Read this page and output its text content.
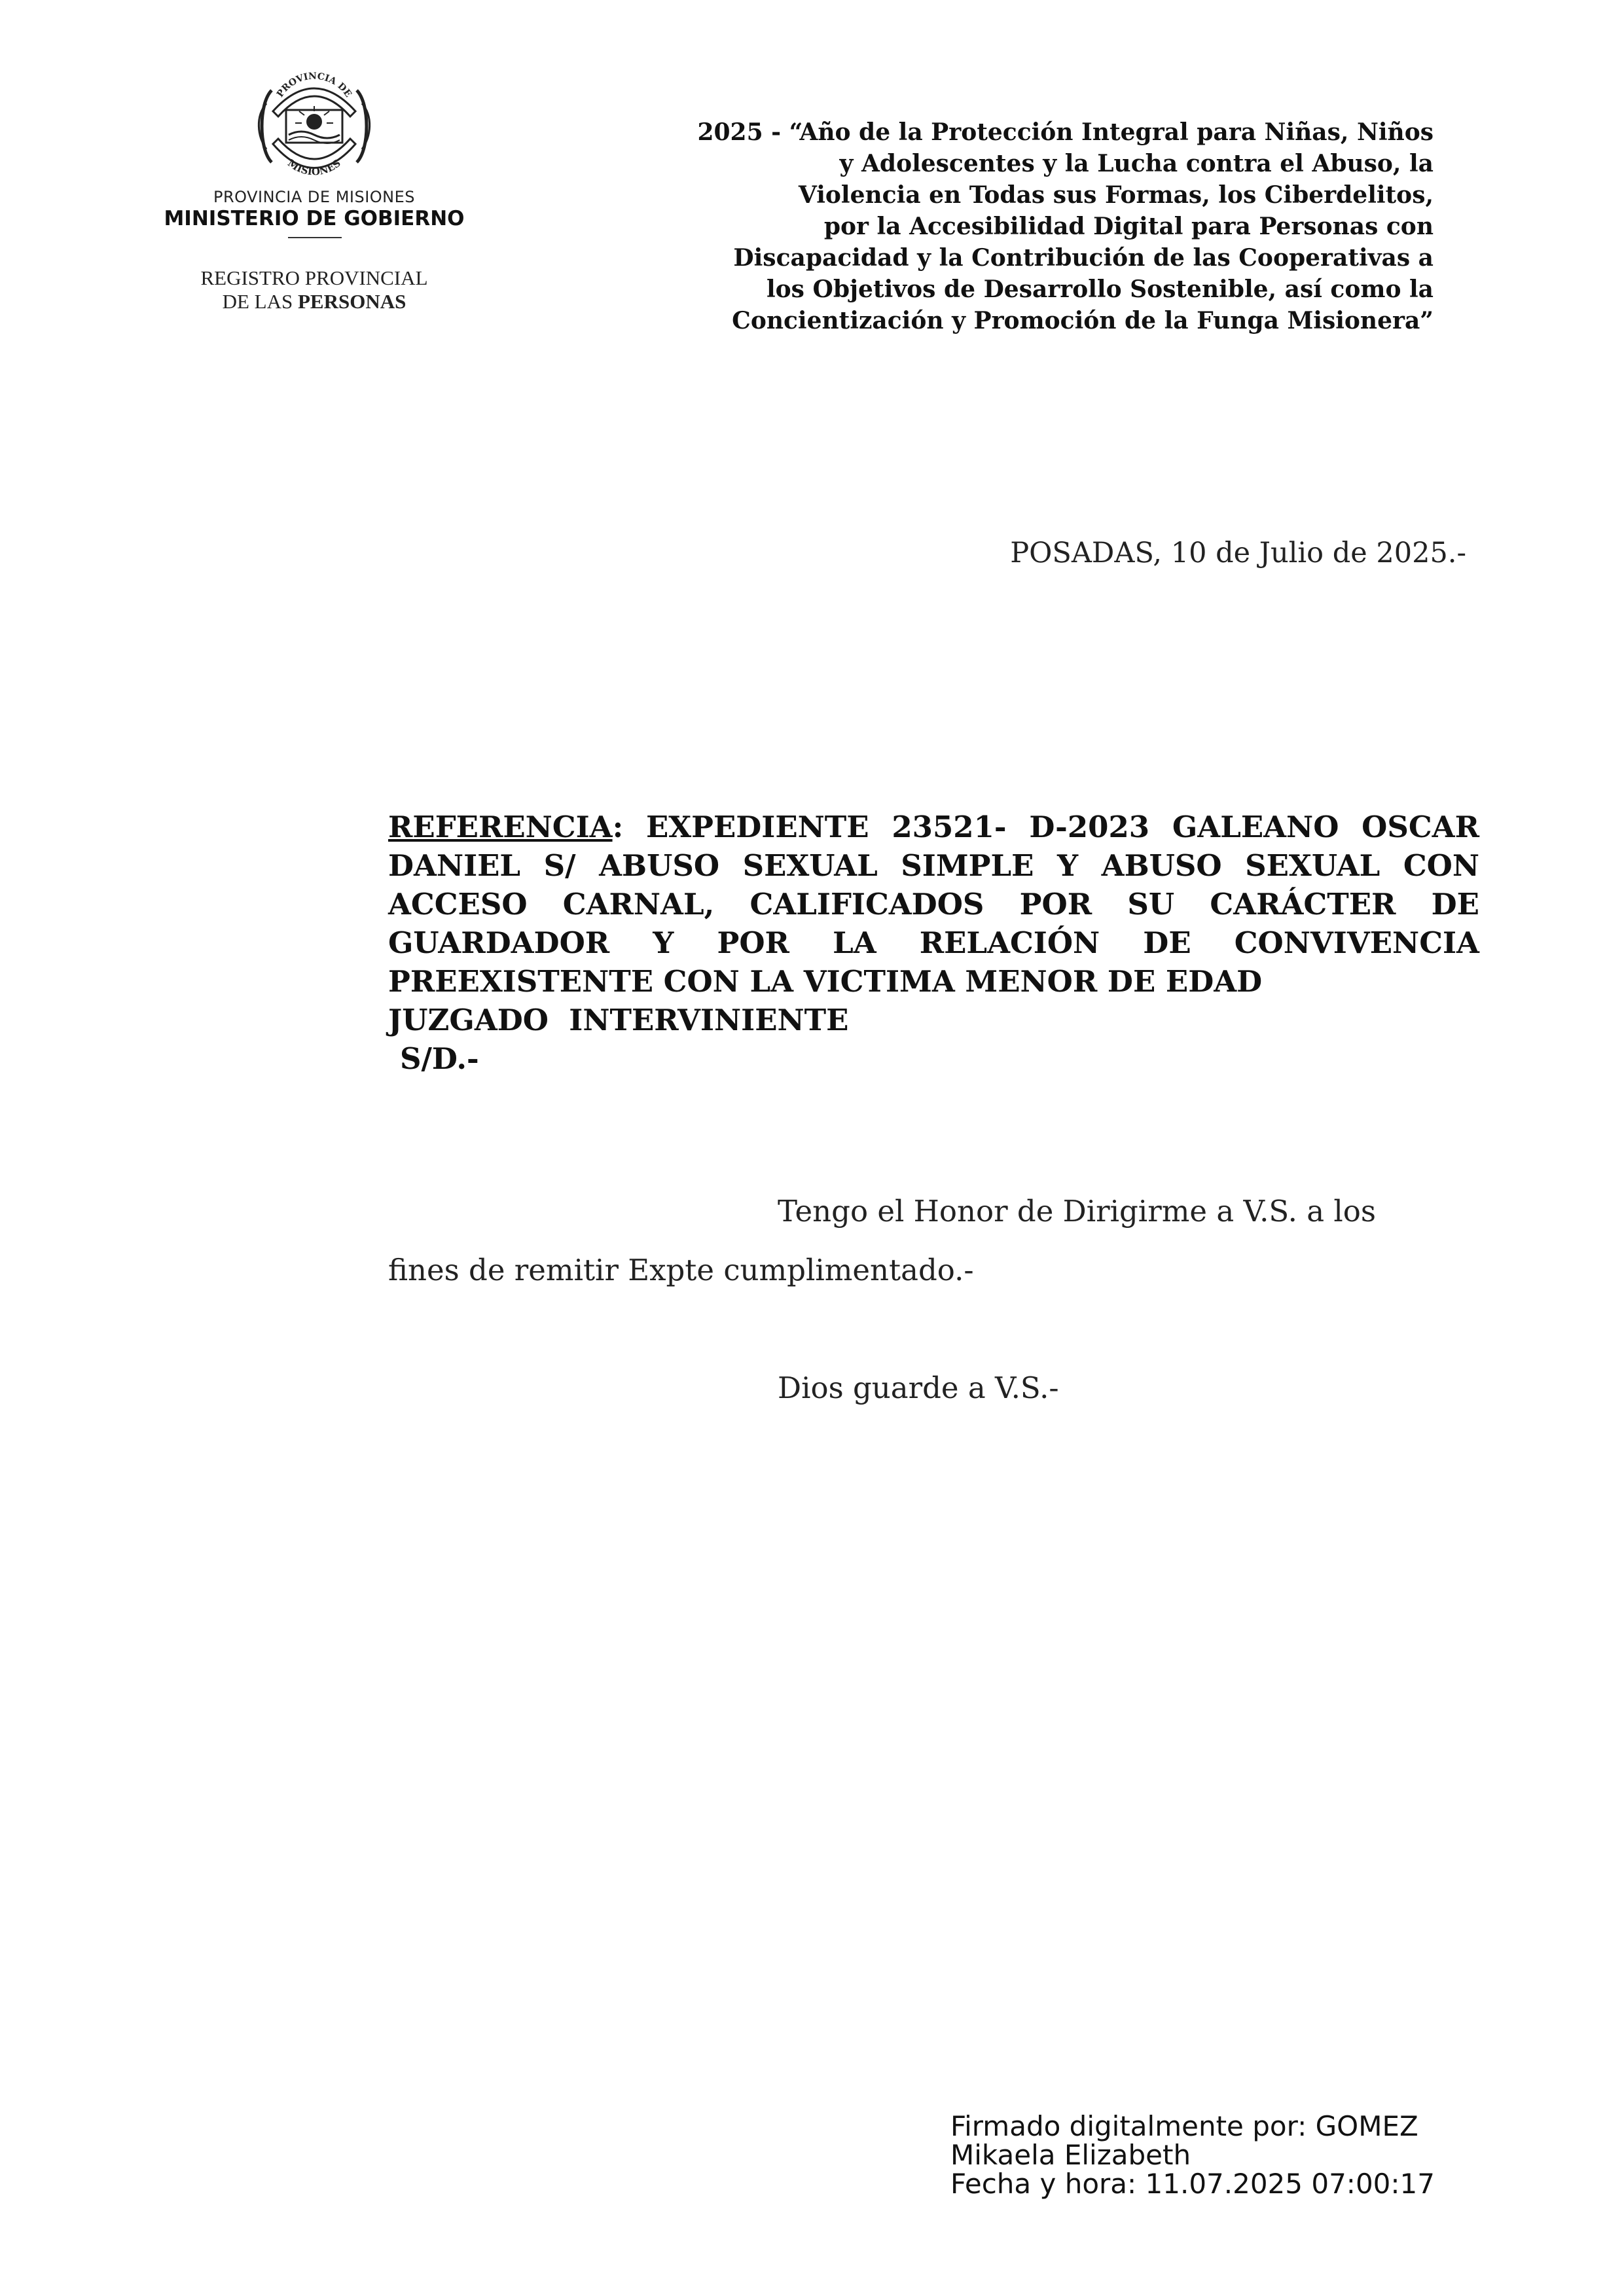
PROVINCIA DE
MISIONES
PROVINCIA DE MISIONES
MINISTERIO DE GOBIERNO
REGISTRO PROVINCIAL
DE LAS PERSONAS
2025 - “Año de la Protección Integral para Niñas, Niños
y Adolescentes y la Lucha contra el Abuso, la
Violencia en Todas sus Formas, los Ciberdelitos,
por la Accesibilidad Digital para Personas con
Discapacidad y la Contribución de las Cooperativas a
los Objetivos de Desarrollo Sostenible, así como la
Concientización y Promoción de la Funga Misionera”
POSADAS, 10 de Julio de 2025.-
REFERENCIA: EXPEDIENTE 23521- D-2023 GALEANO OSCAR
DANIEL S/ ABUSO SEXUAL SIMPLE Y ABUSO SEXUAL CON
ACCESO CARNAL, CALIFICADOS POR SU CARÁCTER DE
GUARDADOR Y POR LA RELACIÓN DE CONVIVENCIA
PREEXISTENTE CON LA VICTIMA MENOR DE EDAD
JUZGADO  INTERVINIENTE
S/D.-
Tengo el Honor de Dirigirme a V.S. a los
fines de remitir Expte cumplimentado.-
Dios guarde a V.S.-
Firmado digitalmente por: GOMEZ
Mikaela Elizabeth
Fecha y hora: 11.07.2025 07:00:17
